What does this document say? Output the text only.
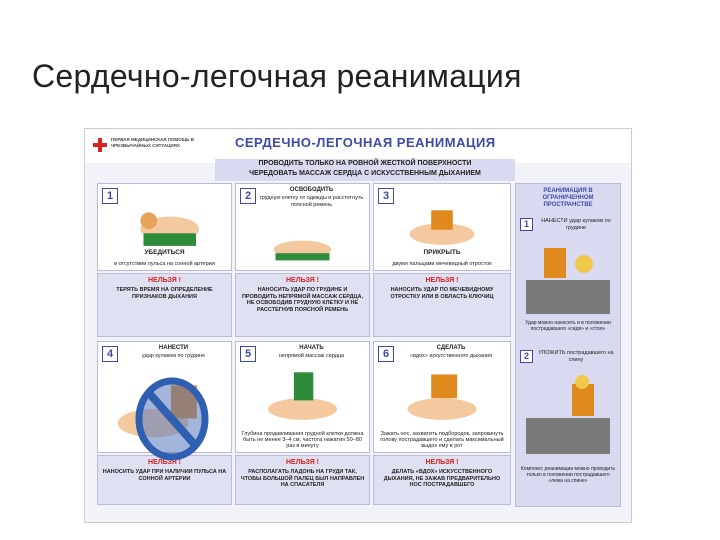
Сердечно-легочная реанимация
ПЕРВАЯ МЕДИЦИНСКАЯ ПОМОЩЬ В ЧРЕЗВЫЧАЙНЫХ СИТУАЦИЯХ	СЕРДЕЧНО-ЛЕГОЧНАЯ РЕАНИМАЦИЯ
ПРОВОДИТЬ ТОЛЬКО НА РОВНОЙ ЖЕСТКОЙ ПОВЕРХНОСТИ
ЧЕРЕДОВАТЬ МАССАЖ СЕРДЦА С ИСКУССТВЕННЫМ ДЫХАНИЕМ
1
УБЕДИТЬСЯ
в отсутствии пульса на сонной артерии
2	ОСВОБОДИТЬ
грудную клетку от одежды и расстегнуть поясной ремень
3
ПРИКРЫТЬ
двумя пальцами мечевидный отросток
НЕЛЬЗЯ !
ТЕРЯТЬ ВРЕМЯ НА ОПРЕДЕЛЕНИЕ ПРИЗНАКОВ ДЫХАНИЯ
НЕЛЬЗЯ !
НАНОСИТЬ УДАР ПО ГРУДИНЕ И ПРОВОДИТЬ НЕПРЯМОЙ МАССАЖ СЕРДЦА, НЕ ОСВОБОДИВ ГРУДНУЮ КЛЕТКУ И НЕ РАССТЕГНУВ ПОЯСНОЙ РЕМЕНЬ
НЕЛЬЗЯ !
НАНОСИТЬ УДАР ПО МЕЧЕВИДНОМУ ОТРОСТКУ ИЛИ В ОБЛАСТЬ КЛЮЧИЦ
4	НАНЕСТИ
удар кулаком по грудине	5	НАЧАТЬ
непрямой массаж сердца
Глубина продавливания грудной клетки должна быть не менее 3–4 см, частота нажатия 50–80 раз в минуту
6	СДЕЛАТЬ
«вдох» искусственного дыхания
Зажать нос, захватить подбородок, запрокинуть голову пострадавшего и сделать максимальный выдох ему в рот
НЕЛЬЗЯ !
НАНОСИТЬ УДАР ПРИ НАЛИЧИИ ПУЛЬСА НА СОННОЙ АРТЕРИИ
НЕЛЬЗЯ !
РАСПОЛАГАТЬ ЛАДОНЬ НА ГРУДИ ТАК, ЧТОБЫ БОЛЬШОЙ ПАЛЕЦ БЫЛ НАПРАВЛЕН НА СПАСАТЕЛЯ
НЕЛЬЗЯ !
ДЕЛАТЬ «ВДОХ» ИСКУССТВЕННОГО ДЫХАНИЯ, НЕ ЗАЖАВ ПРЕДВАРИТЕЛЬНО НОС ПОСТРАДАВШЕГО
РЕАНИМАЦИЯ В ОГРАНИЧЕННОМ ПРОСТРАНСТВЕ
1 НАНЕСТИ удар кулаком по грудине
Удар можно наносить и в положении пострадавшего «сидя» и «стоя»
2 УЛОЖИТЬ пострадавшего на спину
Комплекс реанимации можно проводить только в положении пострадавшего «лежа на спине»
